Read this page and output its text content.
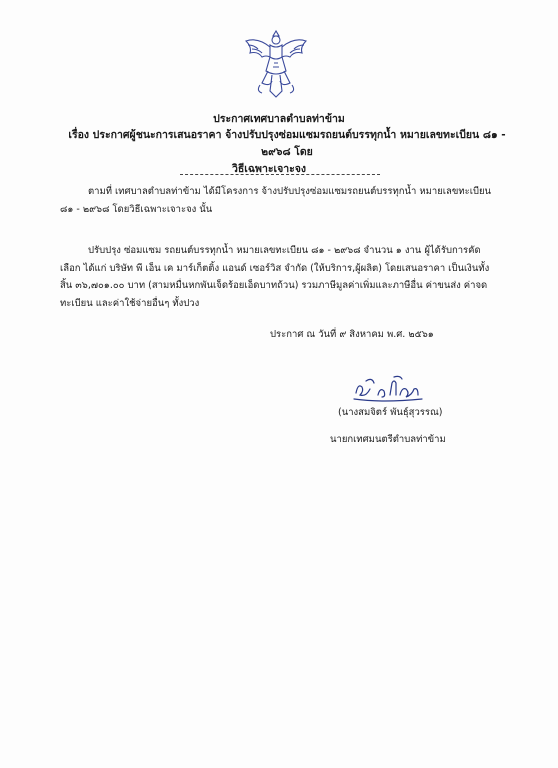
ประกาศเทศบาลตำบลท่าข้าม
เรื่อง ประกาศผู้ชนะการเสนอราคา จ้างปรับปรุงซ่อมแซมรถยนต์บรรทุกน้ำ หมายเลขทะเบียน ๘๑ - ๒๙๖๘ โดย
วิธีเฉพาะเจาะจง
ตามที่ เทศบาลตำบลท่าข้าม ได้มีโครงการ จ้างปรับปรุงซ่อมแซมรถยนต์บรรทุกน้ำ หมายเลขทะเบียน
๘๑ - ๒๙๖๘ โดยวิธีเฉพาะเจาะจง นั้น
ปรับปรุง ซ่อมแซม รถยนต์บรรทุกน้ำ หมายเลขทะเบียน ๘๑ - ๒๙๖๘ จำนวน ๑ งาน ผู้ได้รับการคัด
เลือก ได้แก่ บริษัท พี เอ็น เค มาร์เก็ตติ้ง แอนด์ เซอร์วิส จำกัด (ให้บริการ,ผู้ผลิต) โดยเสนอราคา เป็นเงินทั้ง
สิ้น ๓๖,๗๐๑.๐๐ บาท (สามหมื่นหกพันเจ็ดร้อยเอ็ดบาทถ้วน) รวมภาษีมูลค่าเพิ่มและภาษีอื่น ค่าขนส่ง ค่าจด
ทะเบียน และค่าใช้จ่ายอื่นๆ ทั้งปวง
ประกาศ ณ วันที่ ๙ สิงหาคม พ.ศ. ๒๕๖๑
(นางสมจิตร์ พันธุ์สุวรรณ)
นายกเทศมนตรีตำบลท่าข้าม
